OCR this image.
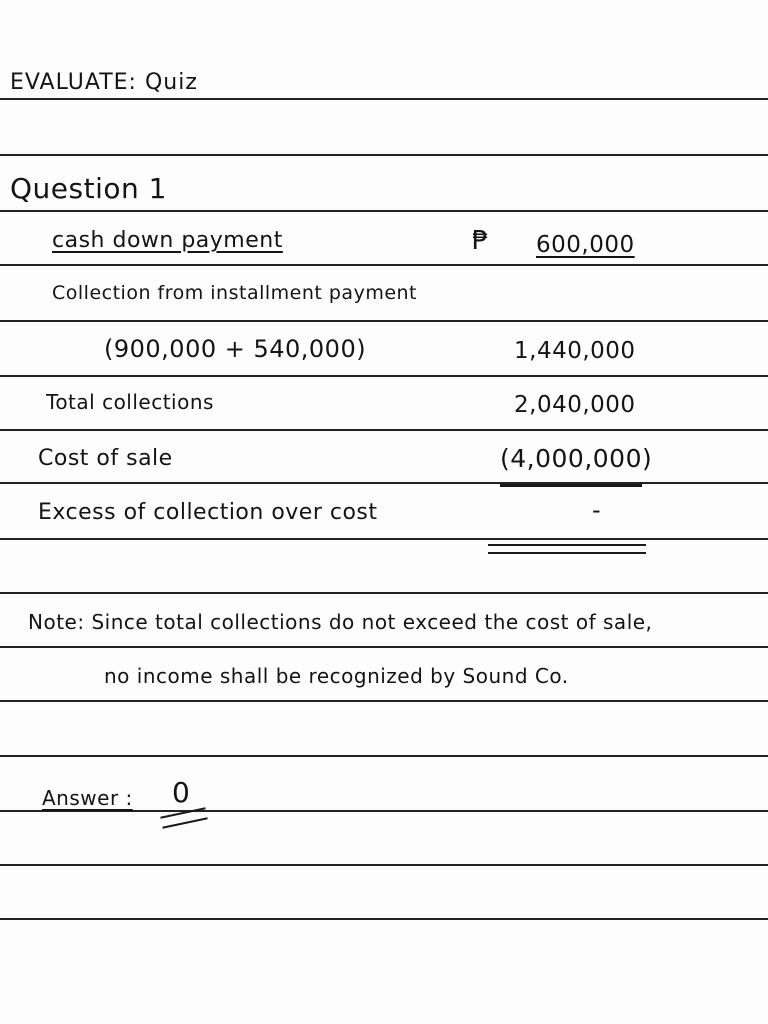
EVALUATE: Quiz
Question 1
cash down payment	₱ 600,000
Collection from installment payment
(900,000 + 540,000)	1,440,000
Total collections	2,040,000
Cost of sale	(4,000,000)
Excess of collection over cost	-
Note: Since total collections do not exceed the cost of sale,
no income shall be recognized by Sound Co.
Answer : 0
